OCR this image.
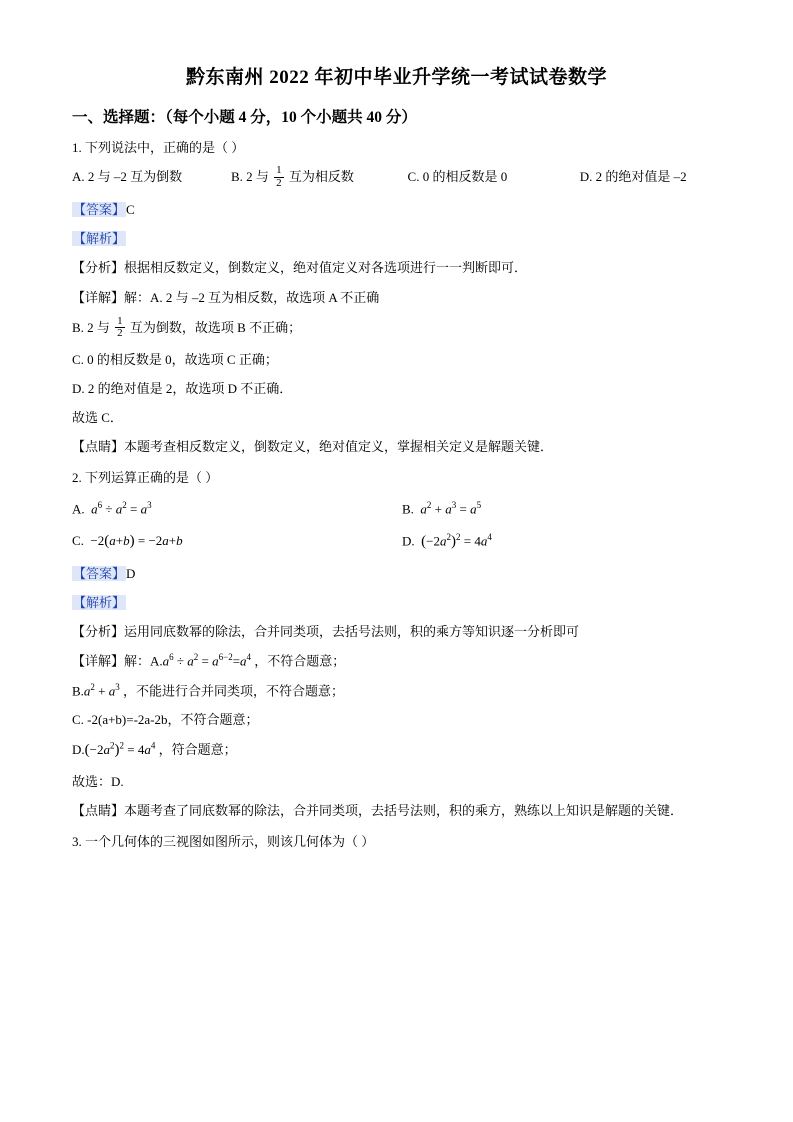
黔东南州 2022 年初中毕业升学统一考试试卷数学
一、选择题：（每个小题 4 分，10 个小题共 40 分）
1. 下列说法中，正确的是（ ）
A. 2 与 –2 互为倒数	B. 2 与 $\frac{1}{2}$ 互为相反数	C. 0 的相反数是 0	D. 2 的绝对值是 –2
【答案】C
【解析】
【分析】根据相反数定义，倒数定义，绝对值定义对各选项进行一一判断即可．
【详解】解：A. 2 与 –2 互为相反数，故选项 A 不正确
B. 2 与 $\frac{1}{2}$ 互为倒数，故选项 B 不正确；
C. 0 的相反数是 0，故选项 C 正确；
D. 2 的绝对值是 2，故选项 D 不正确．
故选 C．
【点睛】本题考查相反数定义，倒数定义，绝对值定义，掌握相关定义是解题关键．
2. 下列运算正确的是（ ）
A.  $a^6 \div a^2 = a^3$	B.  $a^2 + a^3 = a^5$
C.  −2(a+b) = −2a+b	D.  $(-2a^2)^2 = 4a^4$
【答案】D
【解析】
【分析】运用同底数幂的除法，合并同类项，去括号法则，积的乘方等知识逐一分析即可
【详解】解：$A.a^6 \div a^2 = a^{6-2}=a^4$ ，不符合题意；
$B.a^2 + a^3$ ，不能进行合并同类项，不符合题意；
C. -2(a+b)=-2a-2b，不符合题意；
$D.(-2a^2)^2 = 4a^4$ ，符合题意；
故选：D.
【点睛】本题考查了同底数幂的除法，合并同类项，去括号法则，积的乘方，熟练以上知识是解题的关键．
3. 一个几何体的三视图如图所示，则该几何体为（ ）
